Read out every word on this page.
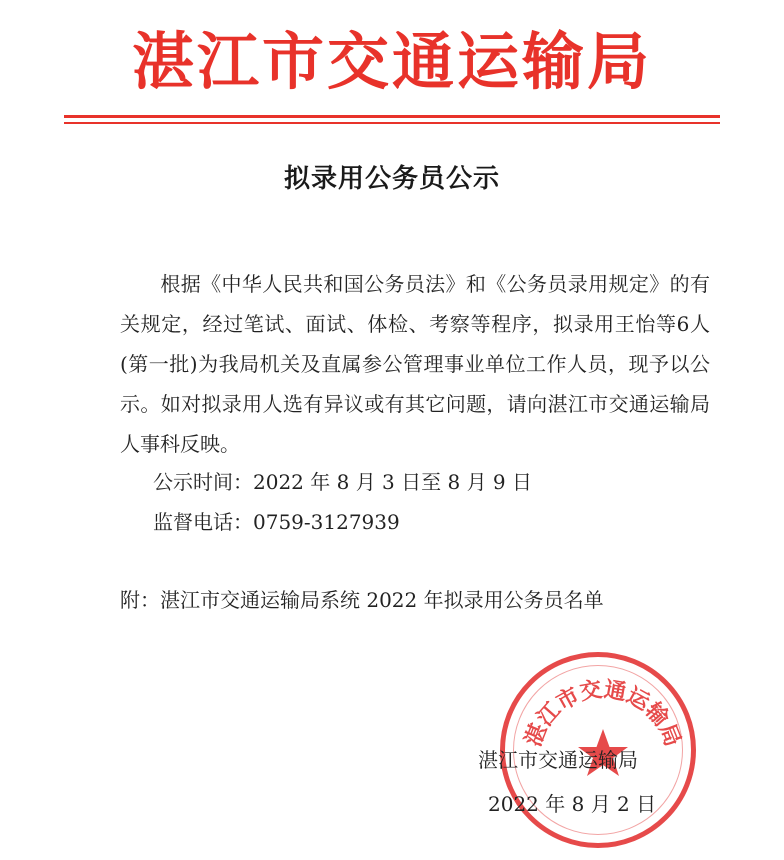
湛江市交通运输局
拟录用公务员公示

根据《中华人民共和国公务员法》和《公务员录用规定》的有关规定，经过笔试、面试、体检、考察等程序，拟录用王怡等6人(第一批)为我局机关及直属参公管理事业单位工作人员，现予以公示。如对拟录用人选有异议或有其它问题，请向湛江市交通运输局人事科反映。

公示时间：2022 年 8 月 3 日至 8 月 9 日

监督电话：0759-3127939

附：湛江市交通运输局系统 2022 年拟录用公务员名单

湛江市交通运输局

湛江市交通运输局

2022 年 8 月 2 日
